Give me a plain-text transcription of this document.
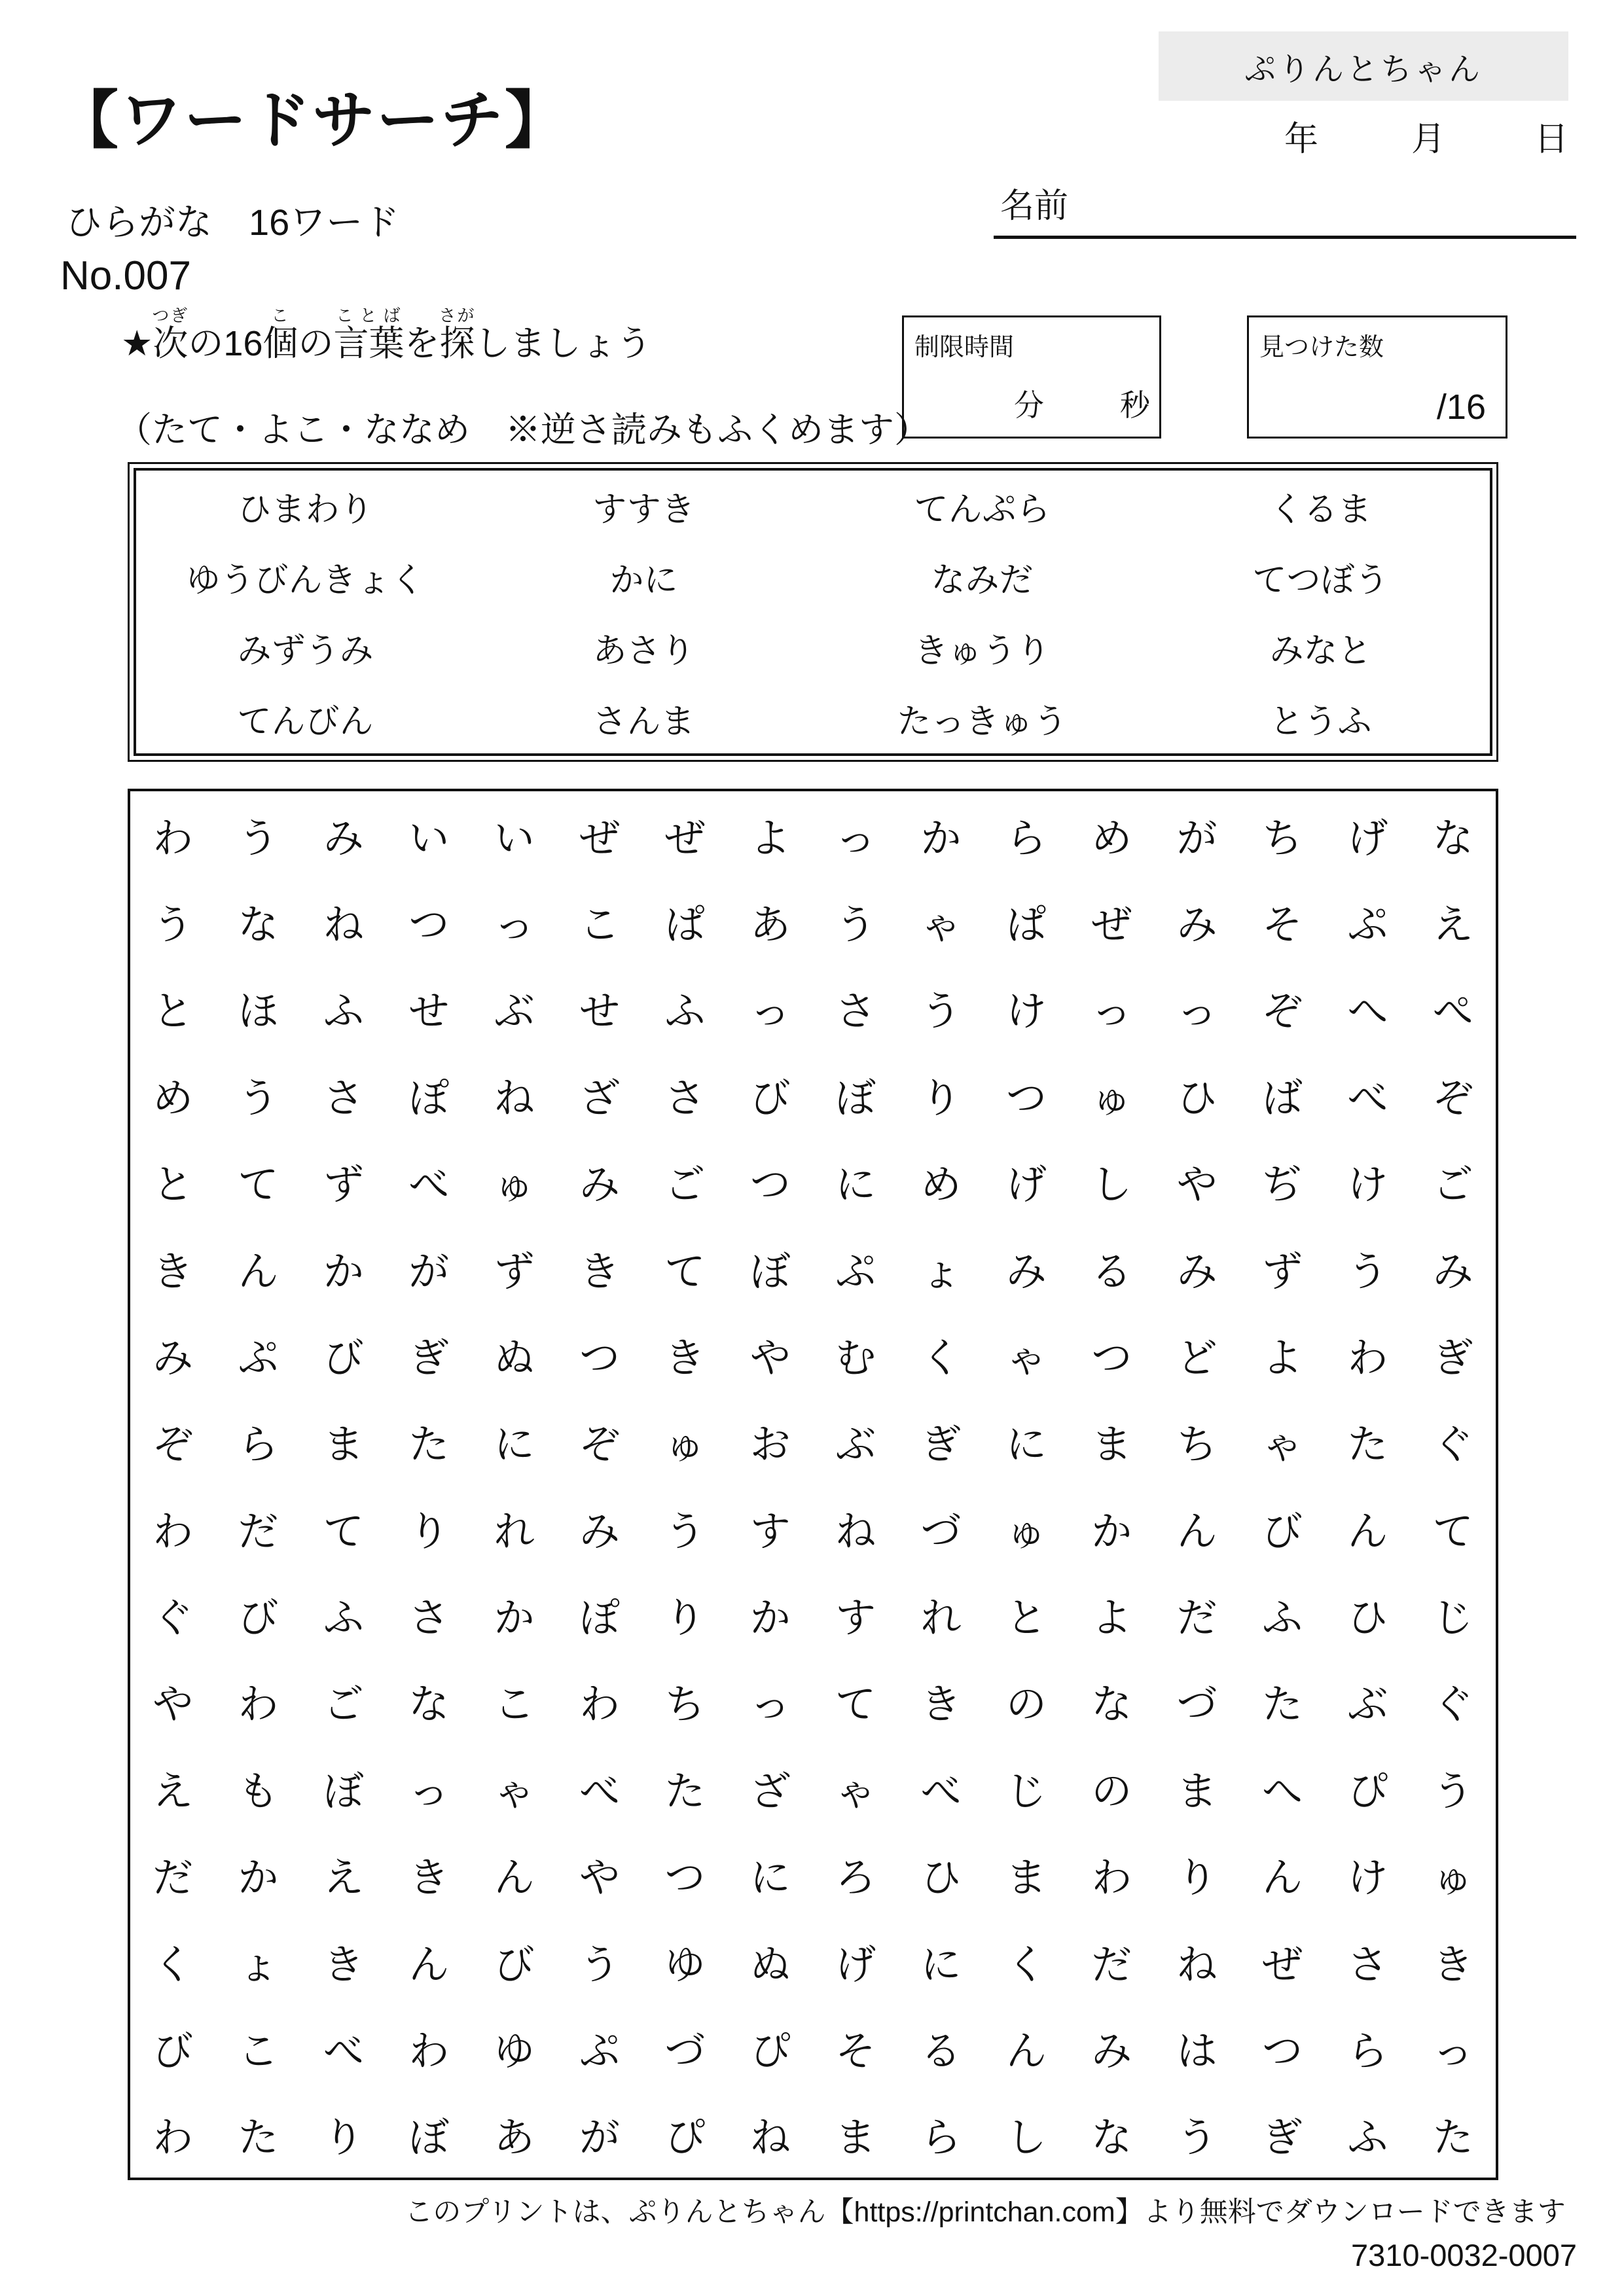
【ワードサーチ】
ひらがな　16ワード
No.007
ぷりんとちゃん
年	月	日
名前
★次つぎの16個この言葉ことばを探さがしましょう
（たて・よこ・ななめ　※逆さ読みもふくめます）
制限時間
分	秒
見つけた数
/16
ひまわり	すすき	てんぷら	くるま
ゆうびんきょく	かに	なみだ	てつぼう
みずうみ	あさり	きゅうり	みなと
てんびん	さんま	たっきゅう	とうふ
わ う み い い ぜ ぜ よ っ か ら め が ち げ な
う な ね つ っ こ ぱ あ う ゃ ぱ ぜ み そ ぷ え
と ほ ふ せ ぶ せ ふ っ さ う け っ っ ぞ へ ぺ
め う さ ぽ ね ざ さ び ぼ り つ ゅ ひ ば べ ぞ
と て ず べ ゅ み ご つ に め げ し や ぢ け ご
き ん か が ず き て ぼ ぷ ょ み る み ず う み
み ぷ び ぎ ぬ つ き や む く ゃ つ ど よ わ ぎ
ぞ ら ま た に ぞ ゅ お ぶ ぎ に ま ち ゃ た ぐ
わ だ て り れ み う す ね づ ゅ か ん び ん て
ぐ び ふ さ か ぽ り か す れ と よ だ ふ ひ じ
や わ ご な こ わ ち っ て き の な づ た ぶ ぐ
え も ぼ っ ゃ べ た ざ ゃ べ じ の ま へ ぴ う
だ か え き ん や つ に ろ ひ ま わ り ん け ゅ
く ょ き ん び う ゆ ぬ げ に く だ ね ぜ さ き
び こ べ わ ゆ ぷ づ ぴ そ る ん み は つ ら っ
わ た り ぼ あ が ぴ ね ま ら し な う ぎ ふ た
このプリントは、ぷりんとちゃん【https://printchan.com】より無料でダウンロードできます
7310-0032-0007
